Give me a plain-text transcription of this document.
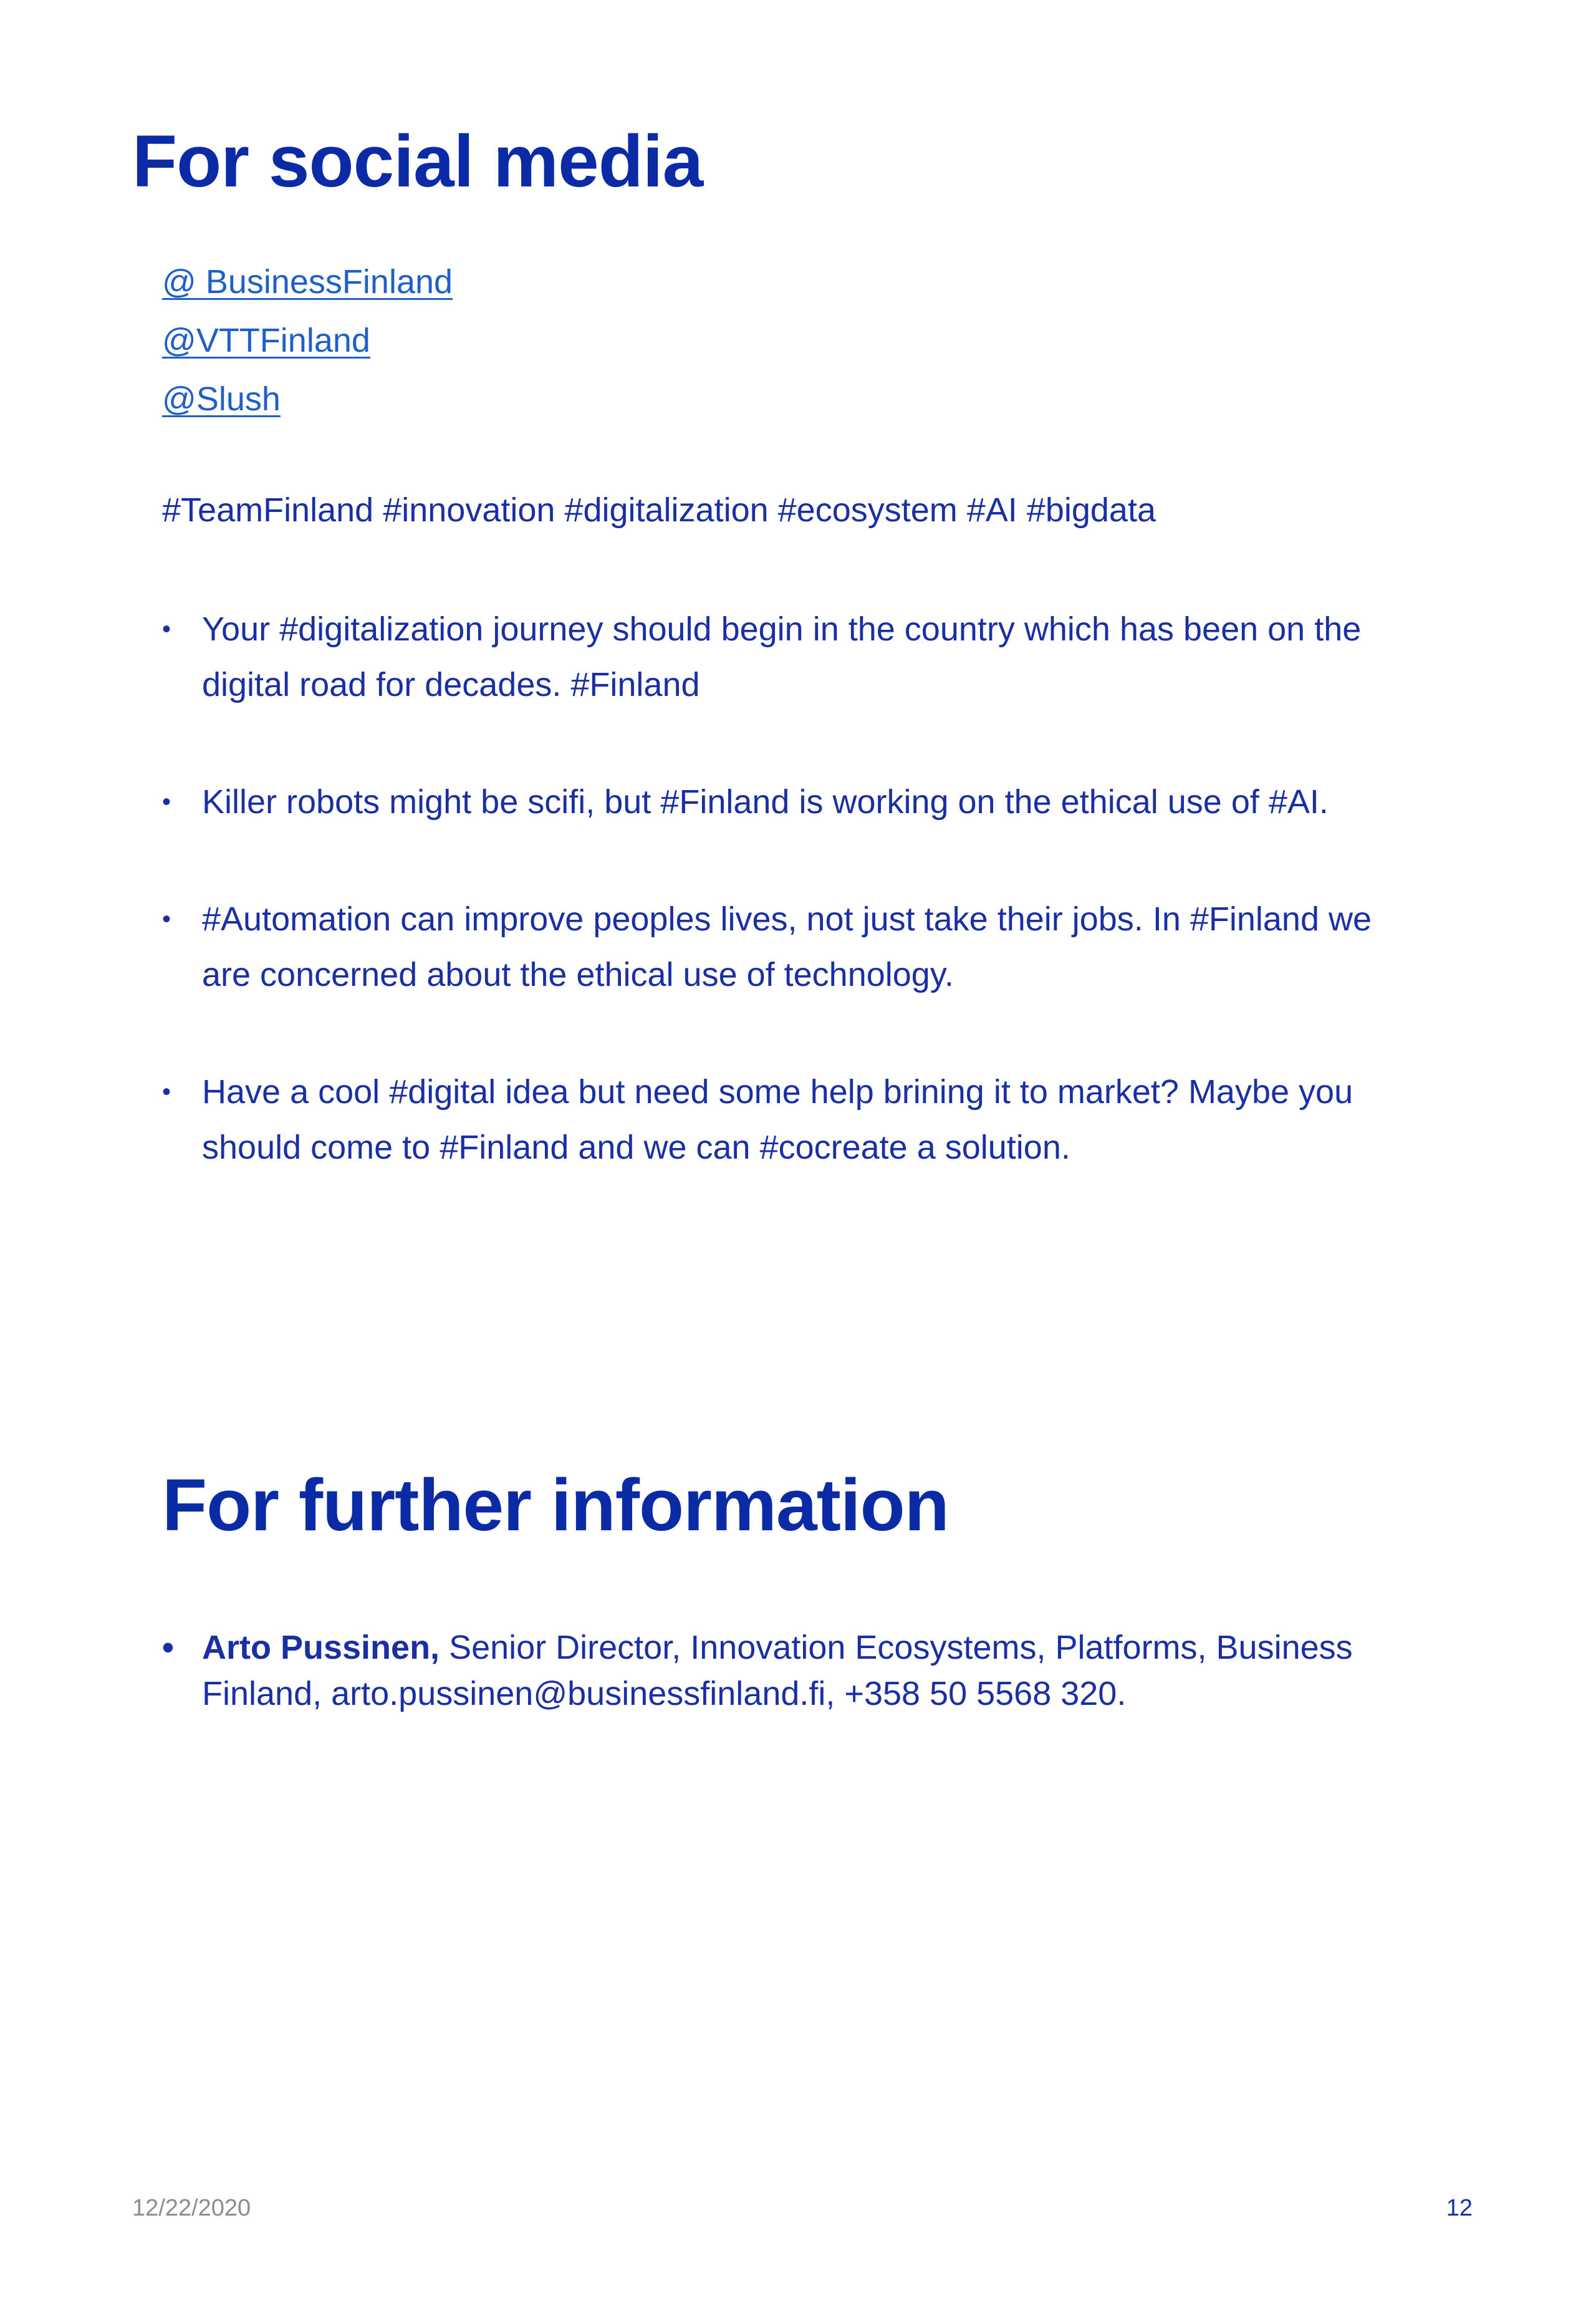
For social media
@ BusinessFinland
@VTTFinland
@Slush
#TeamFinland #innovation #digitalization #ecosystem #AI #bigdata
• Your #digitalization journey should begin in the country which has been on the digital road for decades. #Finland
• Killer robots might be scifi, but #Finland is working on the ethical use of #AI.
• #Automation can improve peoples lives, not just take their jobs. In #Finland we are concerned about the ethical use of technology.
• Have a cool #digital idea but need some help brining it to market? Maybe you should come to #Finland and we can #cocreate a solution.
For further information
• Arto Pussinen, Senior Director, Innovation Ecosystems, Platforms, Business Finland, arto.pussinen@businessfinland.fi, +358 50 5568 320.
12/22/2020	12
